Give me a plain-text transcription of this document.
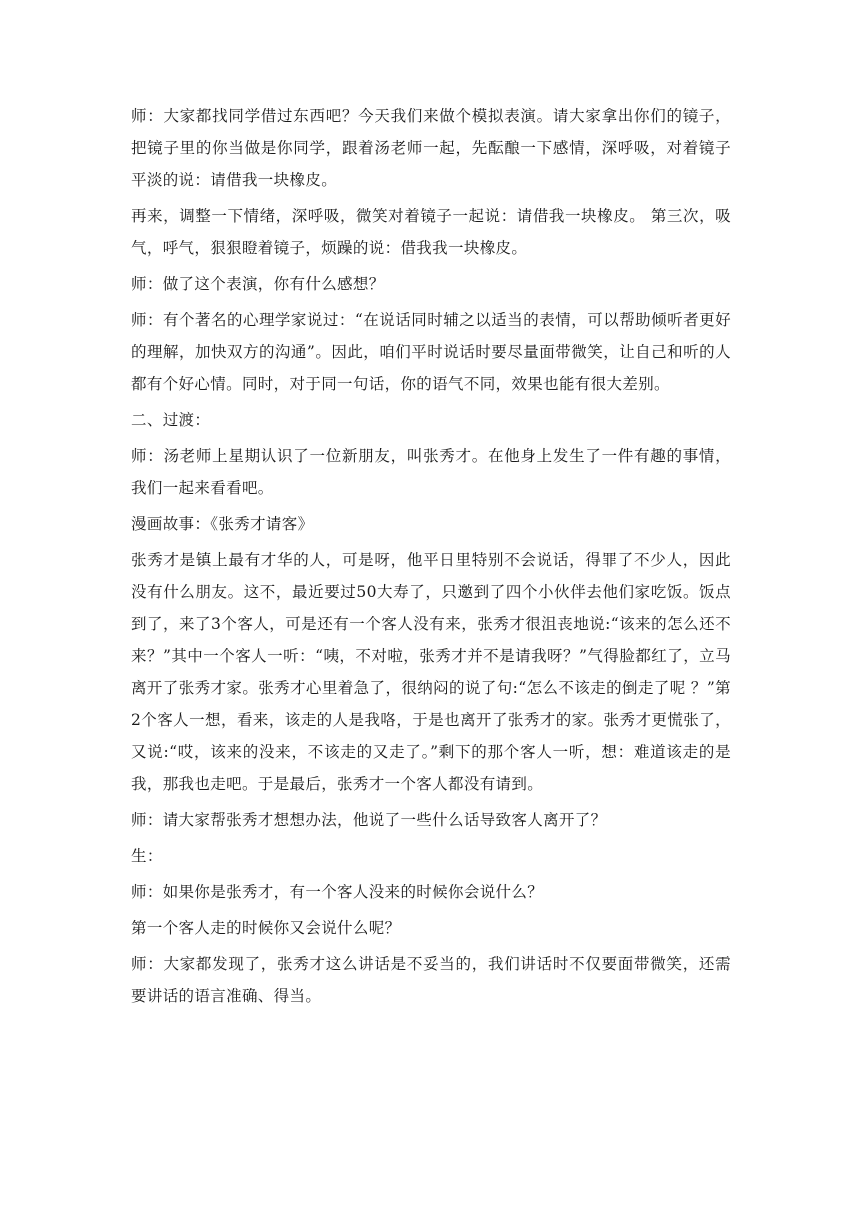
师：大家都找同学借过东西吧？今天我们来做个模拟表演。请大家拿出你们的镜子，把镜子里的你当做是你同学，跟着汤老师一起，先酝酿一下感情，深呼吸，对着镜子平淡的说：请借我一块橡皮。

再来，调整一下情绪，深呼吸，微笑对着镜子一起说：请借我一块橡皮。 第三次，吸气，呼气，狠狠瞪着镜子，烦躁的说：借我我一块橡皮。

师：做了这个表演，你有什么感想？

师：有个著名的心理学家说过：“在说话同时辅之以适当的表情，可以帮助倾听者更好的理解，加快双方的沟通”。因此，咱们平时说话时要尽量面带微笑，让自己和听的人都有个好心情。同时，对于同一句话，你的语气不同，效果也能有很大差别。

二、过渡：

师：汤老师上星期认识了一位新朋友，叫张秀才。在他身上发生了一件有趣的事情，我们一起来看看吧。

漫画故事：《张秀才请客》

张秀才是镇上最有才华的人，可是呀，他平日里特别不会说话，得罪了不少人，因此没有什么朋友。这不，最近要过50大寿了，只邀到了四个小伙伴去他们家吃饭。饭点到了，来了3个客人，可是还有一个客人没有来，张秀才很沮丧地说:“该来的怎么还不来？”其中一个客人一听：“咦，不对啦，张秀才并不是请我呀？”气得脸都红了，立马离开了张秀才家。张秀才心里着急了，很纳闷的说了句:“怎么不该走的倒走了呢 ？”第2个客人一想，看来，该走的人是我咯，于是也离开了张秀才的家。张秀才更慌张了，又说:“哎，该来的没来，不该走的又走了。”剩下的那个客人一听，想：难道该走的是我，那我也走吧。于是最后，张秀才一个客人都没有请到。

师：请大家帮张秀才想想办法，他说了一些什么话导致客人离开了？

生：

师：如果你是张秀才，有一个客人没来的时候你会说什么？

第一个客人走的时候你又会说什么呢？

师：大家都发现了，张秀才这么讲话是不妥当的，我们讲话时不仅要面带微笑，还需要讲话的语言准确、得当。
